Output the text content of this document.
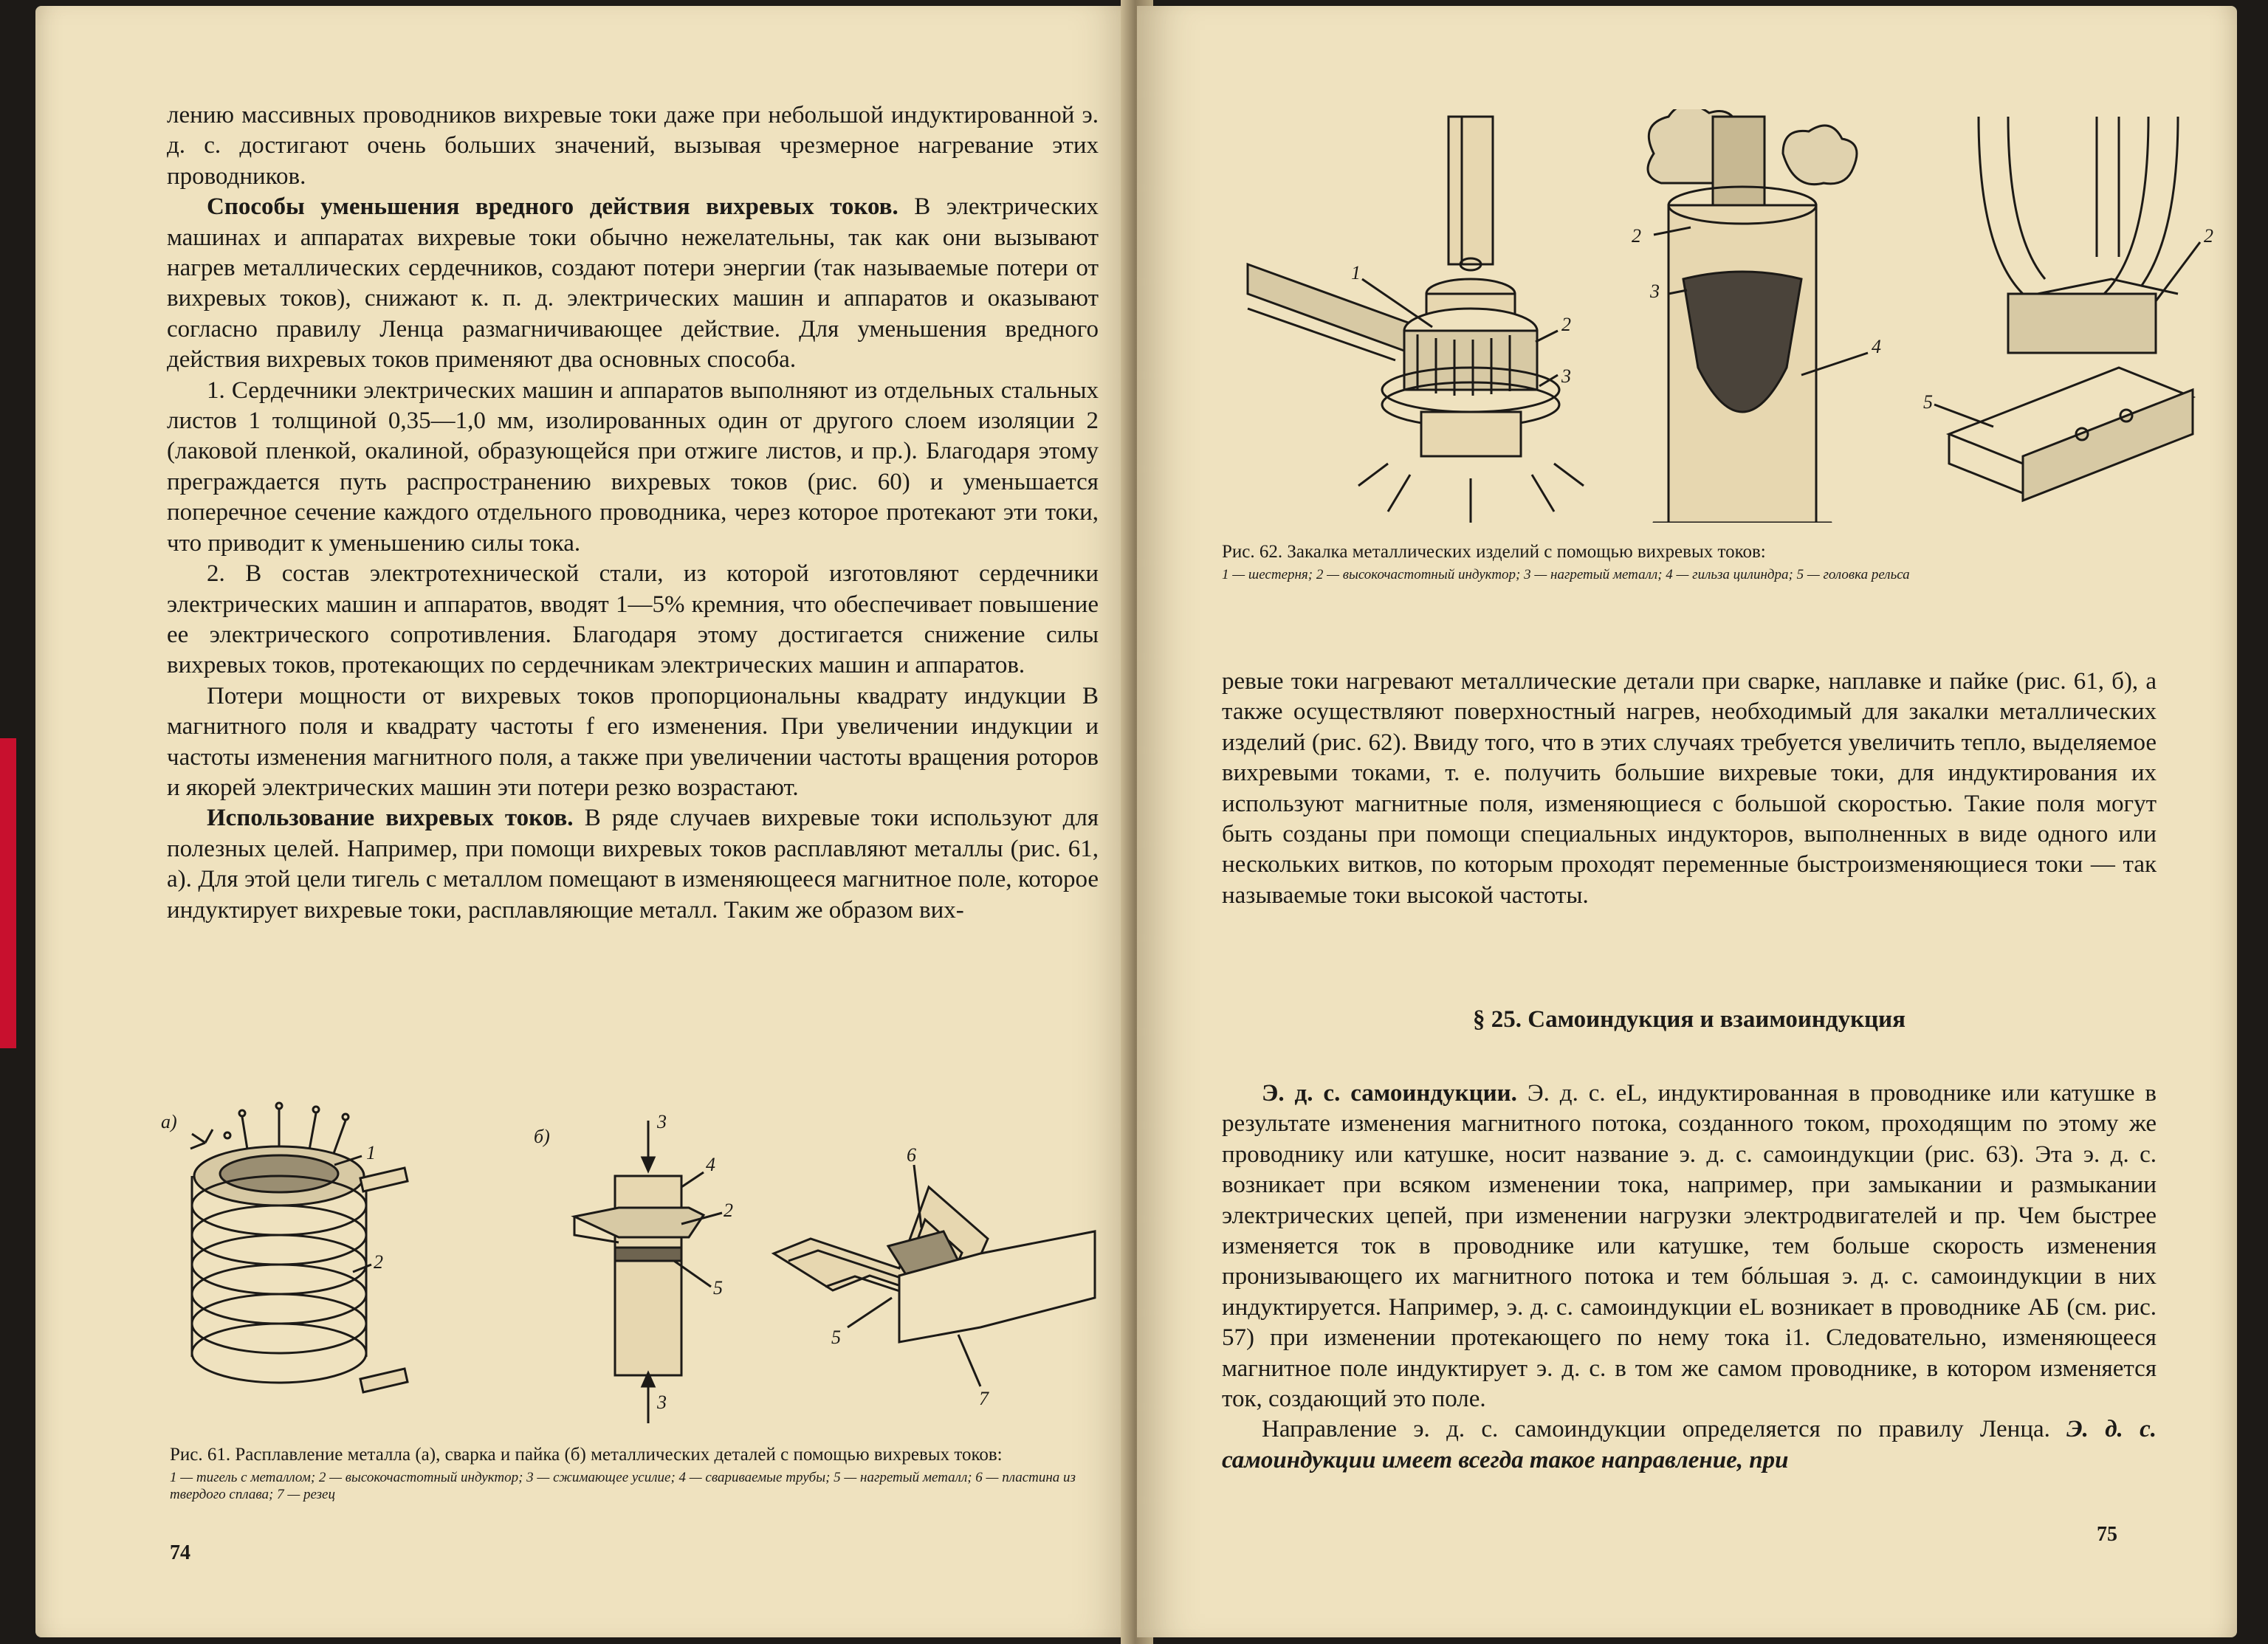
лению массивных проводников вихревые токи даже при небольшой индуктированной э. д. с. достигают очень больших значений, вызывая чрезмерное нагревание этих проводников.

Способы уменьшения вредного действия вихревых токов. В электрических машинах и аппаратах вихревые токи обычно нежелательны, так как они вызывают нагрев металлических сердечников, создают потери энергии (так называемые потери от вихревых токов), снижают к. п. д. электрических машин и аппаратов и оказывают согласно правилу Ленца размагничивающее действие. Для уменьшения вредного действия вихревых токов применяют два основных способа.

1. Сердечники электрических машин и аппаратов выполняют из отдельных стальных листов 1 толщиной 0,35—1,0 мм, изолированных один от другого слоем изоляции 2 (лаковой пленкой, окалиной, образующейся при отжиге листов, и пр.). Благодаря этому преграждается путь распространению вихревых токов (рис. 60) и уменьшается поперечное сечение каждого отдельного проводника, через которое протекают эти токи, что приводит к уменьшению силы тока.

2. В состав электротехнической стали, из которой изготовляют сердечники электрических машин и аппаратов, вводят 1—5% кремния, что обеспечивает повышение ее электрического сопротивления. Благодаря этому достигается снижение силы вихревых токов, протекающих по сердечникам электрических машин и аппаратов.

Потери мощности от вихревых токов пропорциональны квадрату индукции B магнитного поля и квадрату частоты f его изменения. При увеличении индукции и частоты изменения магнитного поля, а также при увеличении частоты вращения роторов и якорей электрических машин эти потери резко возрастают.

Использование вихревых токов. В ряде случаев вихревые токи используют для полезных целей. Например, при помощи вихревых токов расплавляют металлы (рис. 61, а). Для этой цели тигель с металлом помещают в изменяющееся магнитное поле, которое индуктирует вихревые токи, расплавляющие металл. Таким же образом вих-

а)
1
2
б)
3
4
2
5
3
6
5
7
Рис. 61. Расплавление металла (а), сварка и пайка (б) металлических деталей с помощью вихревых токов:
1 — тигель с металлом; 2 — высокочастотный индуктор; 3 — сжимающее усилие; 4 — свариваемые трубы; 5 — нагретый металл; 6 — пластина из твердого сплава; 7 — резец
74
1
2
3
2
3
4
2
5
Рис. 62. Закалка металлических изделий с помощью вихревых токов:
1 — шестерня; 2 — высокочастотный индуктор; 3 — нагретый металл; 4 — гильза цилиндра; 5 — головка рельса

ревые токи нагревают металлические детали при сварке, наплавке и пайке (рис. 61, б), а также осуществляют поверхностный нагрев, необходимый для закалки металлических изделий (рис. 62). Ввиду того, что в этих случаях требуется увеличить тепло, выделяемое вихревыми токами, т. е. получить большие вихревые токи, для индуктирования их используют магнитные поля, изменяющиеся с большой скоростью. Такие поля могут быть созданы при помощи специальных индукторов, выполненных в виде одного или нескольких витков, по которым проходят переменные быстроизменяющиеся токи — так называемые токи высокой частоты.

§ 25. Самоиндукция и взаимоиндукция

Э. д. с. самоиндукции. Э. д. с. eL, индуктированная в проводнике или катушке в результате изменения магнитного потока, созданного током, проходящим по этому же проводнику или катушке, носит название э. д. с. самоиндукции (рис. 63). Эта э. д. с. возникает при всяком изменении тока, например, при замыкании и размыкании электрических цепей, при изменении нагрузки электродвигателей и пр. Чем быстрее изменяется ток в проводнике или катушке, тем больше скорость изменения пронизывающего их магнитного потока и тем бóльшая э. д. с. самоиндукции в них индуктируется. Например, э. д. с. самоиндукции eL возникает в проводнике АБ (см. рис. 57) при изменении протекающего по нему тока i1. Следовательно, изменяющееся магнитное поле индуктирует э. д. с. в том же самом проводнике, в котором изменяется ток, создающий это поле.

Направление э. д. с. самоиндукции определяется по правилу Ленца. Э. д. с. самоиндукции имеет всегда такое направление, при

75
